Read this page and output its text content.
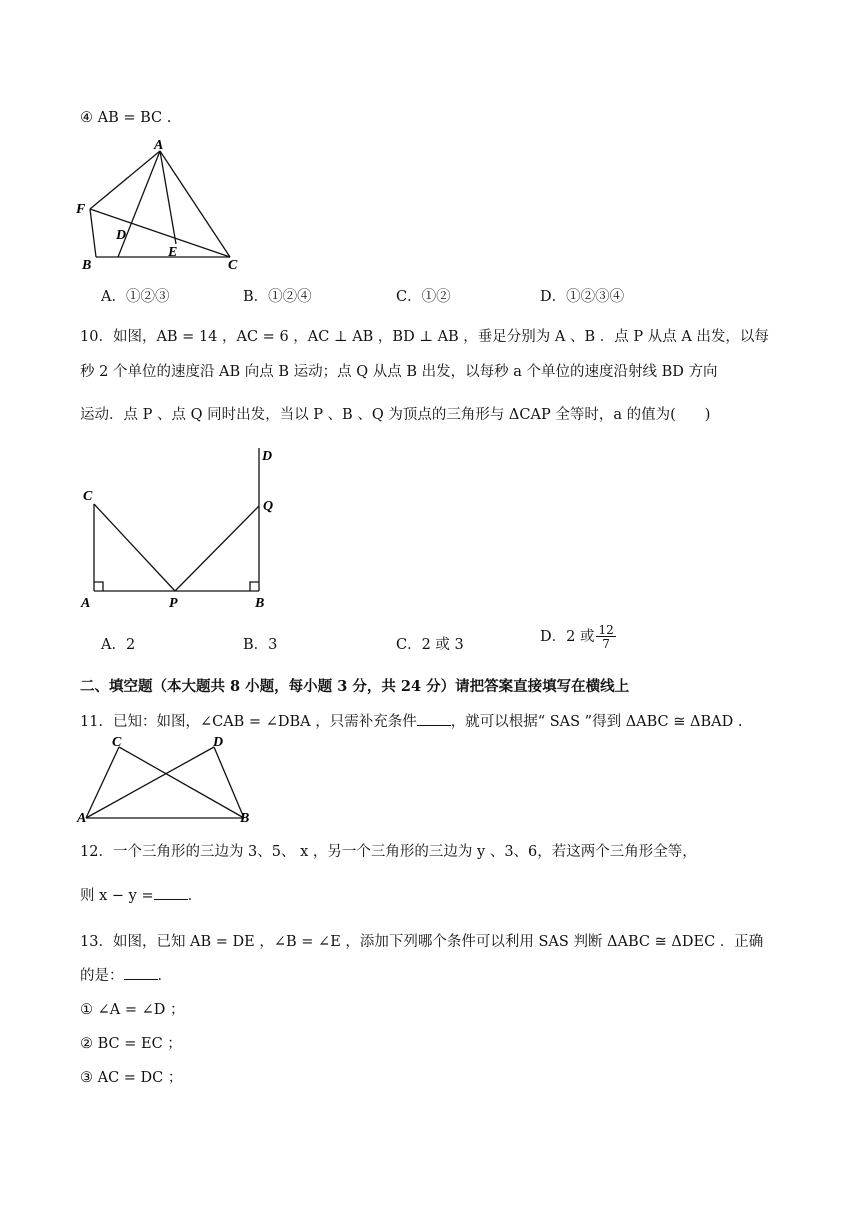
④ AB = BC .
A
F
D
E
B	C
A．①②③	B．①②④	C．①②	D．①②③④
10．如图，AB = 14 ，AC = 6 ，AC ⊥ AB ，BD ⊥ AB ，垂足分别为 A 、B ．点 P 从点 A 出发，以每
秒 2 个单位的速度沿 AB 向点 B 运动；点 Q 从点 B 出发，以每秒 a 个单位的速度沿射线 BD 方向
运动．点 P 、点 Q 同时出发，当以 P 、B 、Q 为顶点的三角形与 ΔCAP 全等时，a 的值为(　　)
D
C
Q
A	P	B
A．2	B．3	C．2 或 3	D．2 或 $\frac{12}{7}$
二、填空题（本大题共 8 小题，每小题 3 分，共 24 分）请把答案直接填写在横线上
11．已知：如图，∠CAB = ∠DBA ，只需补充条件 ，就可以根据“ SAS ”得到 ΔABC ≅ ΔBAD .
C	D
A	B
12．一个三角形的三边为 3、5、 x ，另一个三角形的三边为 y 、3、6，若这两个三角形全等，
则 x − y = ．
13．如图，已知 AB = DE ，∠B = ∠E ，添加下列哪个条件可以利用 SAS 判断 ΔABC ≅ ΔDEC ．正确
的是： ．
① ∠A = ∠D ；
② BC = EC ；
③ AC = DC ；
